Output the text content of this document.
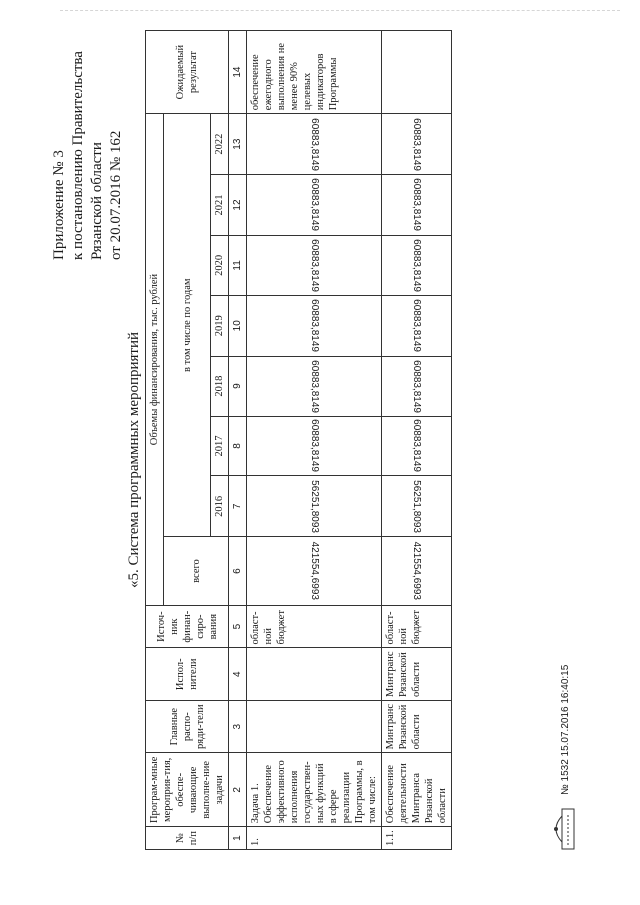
Приложение № 3 к постановлению Правительства Рязанской области от 20.07.2016 № 162
«5. Система программных мероприятий
№ п/п	Програм-мные мероприя-тия, обеспе-чивающие выполне-ние задачи	Главные распо-ряди-тели	Испол-нители	Источ-ник финан-сиро-вания	Объемы финансирования, тыс. рублей								Ожидаемый результат
					всего	в том числе по годам							
						2016	2017	2018	2019	2020	2021	2022	
1	2	3	4	5	6	7	8	9	10	11	12	13	14
1.	Задача 1. Обеспечение эффективного исполнения государствен-ных функций в сфере реализации Программы, в том числе:			област-ной бюджет	421554,6993	56251,8093	60883,8149	60883,8149	60883,8149	60883,8149	60883,8149	60883,8149	обеспечение ежегодного выполнения не менее 90% целевых индикаторов Программы
1.1.	Обеспечение деятельности Минтранса Рязанской области	Минтранс Рязанской области	Минтранс Рязанской области	област-ной бюджет	421554,6993	56251,8093	60883,8149	60883,8149	60883,8149	60883,8149	60883,8149	60883,8149	
№ 1532 15.07.2016 16:40:15
